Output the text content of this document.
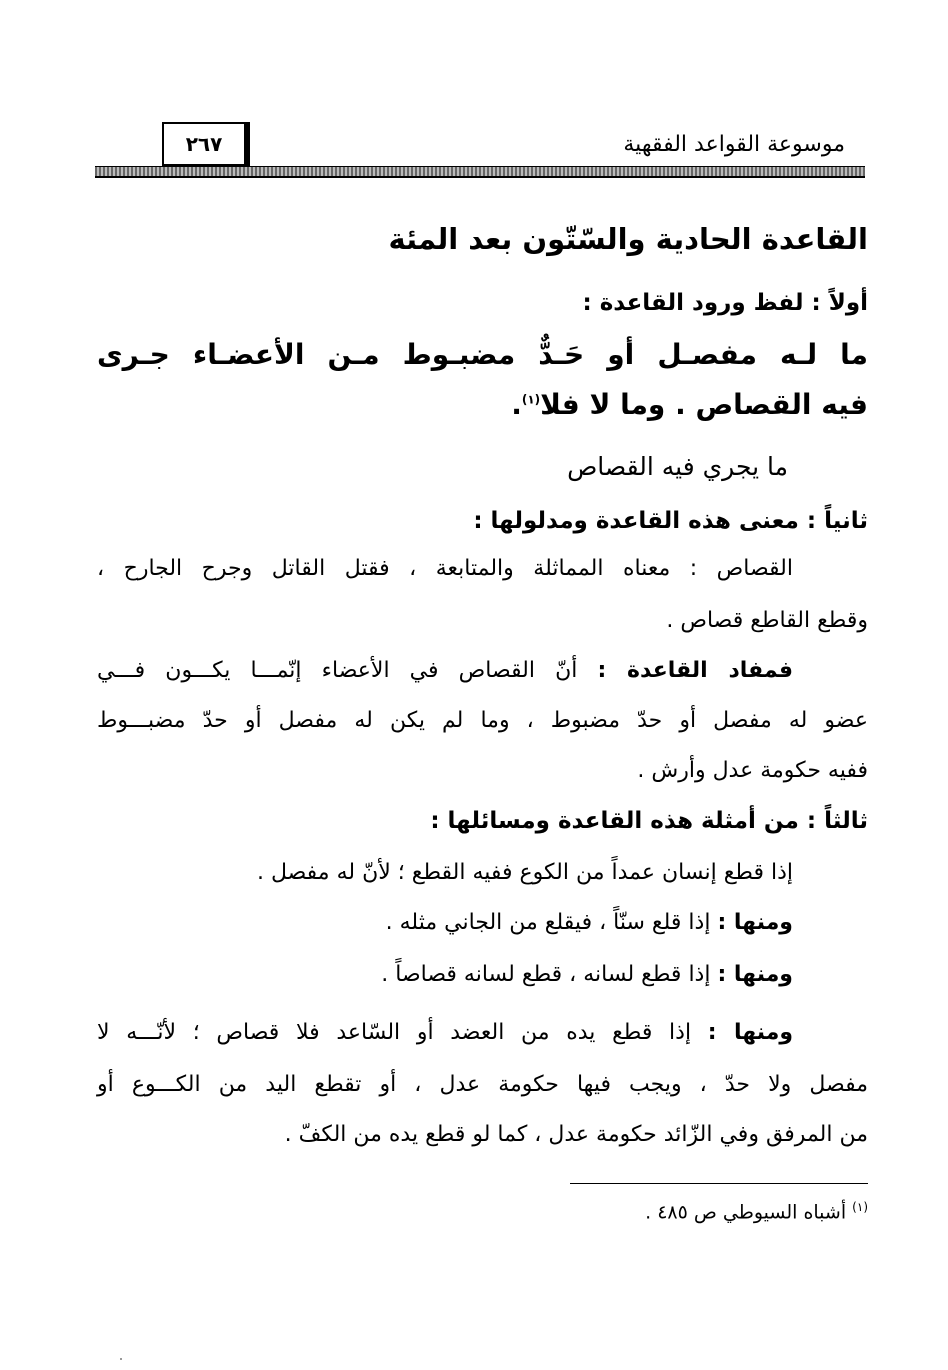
٢٦٧	موسوعة القواعد الفقهية
القاعدة الحادية والسّتّون بعد المئة
أولاً : لفظ ورود القاعدة :
ما لـه مفصـل أو حَـدٌّ مضبـوط مـن الأعضـاء جـرى
فيه القصاص . وما لا فلا$^{(١)}$.
ما يجري فيه القصاص
ثانياً : معنى هذه القاعدة ومدلولها :
القصاص : معناه المماثلة والمتابعة ، فقتل القاتل وجرح الجارح ،
وقطع القاطع قصاص .
فمفاد القاعدة : أنّ القصاص في الأعضاء إنّمـــا يكـــون فـــي
عضو له مفصل أو حدّ مضبوط ، وما لم يكن له مفصل أو حدّ مضبـــوط
ففيه حكومة عدل وأرش .
ثالثاً : من أمثلة هذه القاعدة ومسائلها :
إذا قطع إنسان عمداً من الكوع ففيه القطع ؛ لأنّ له مفصل .
ومنها : إذا قلع سنّاً ، فيقلع من الجاني مثله .
ومنها : إذا قطع لسانه ، قطع لسانه قصاصاً .
ومنها : إذا قطع يده من العضد أو السّاعد فلا قصاص ؛ لأنّـــه لا
مفصل ولا حدّ ، ويجب فيها حكومة عدل ، أو تقطع اليد من الكـــوع أو
من المرفق وفي الزّائد حكومة عدل ، كما لو قطع يده من الكفّ .
$^{(١)}$ أشباه السيوطي ص ٤٨٥ .
